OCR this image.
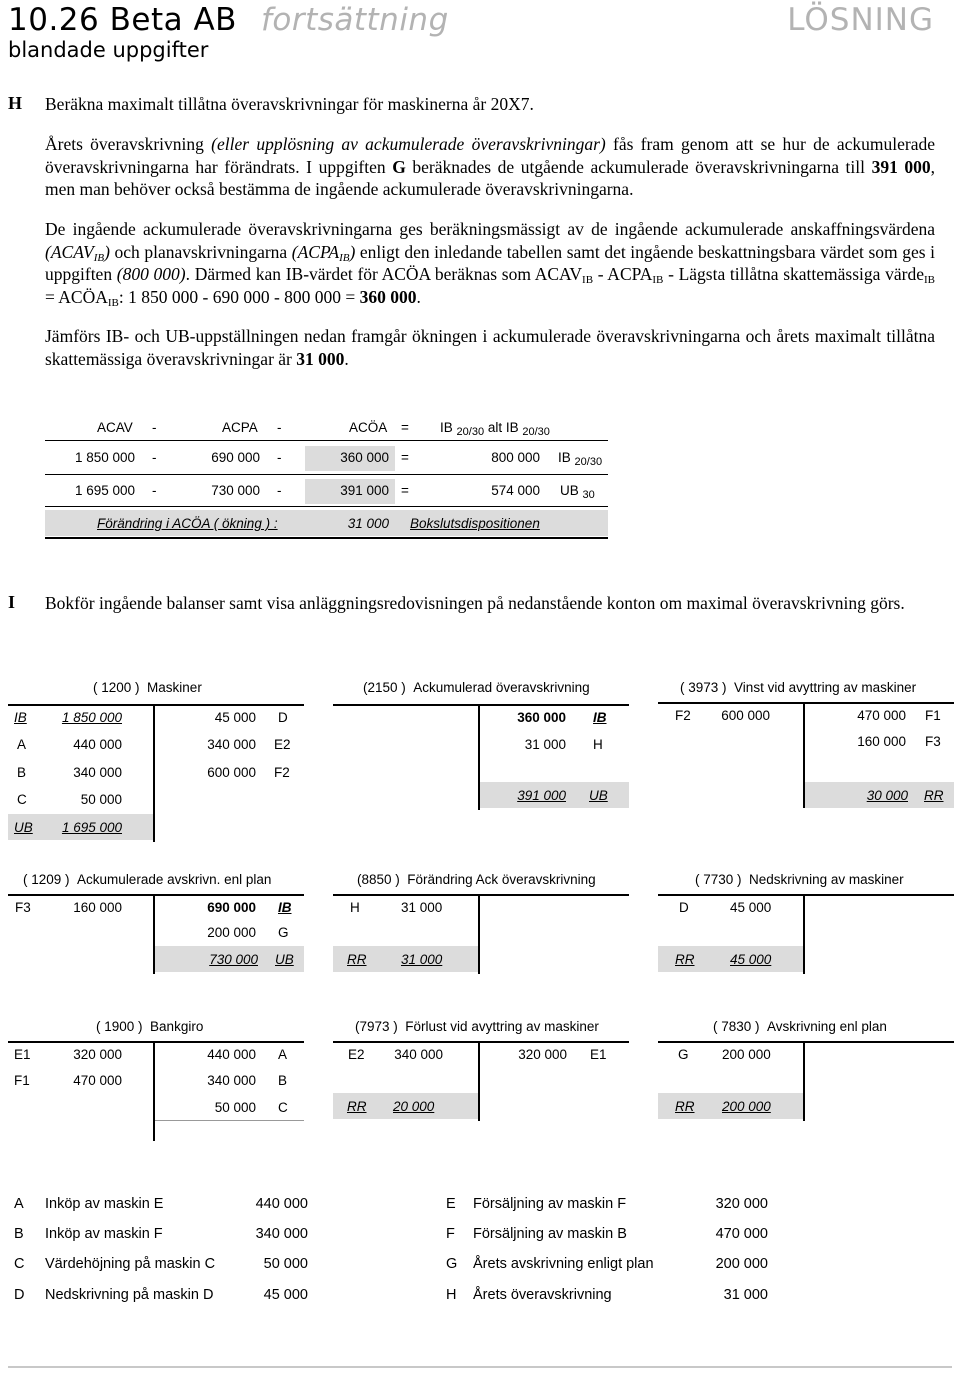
10.26 Beta AB fortsättning
blandade uppgifter
LÖSNING
H Beräkna maximalt tillåtna överavskrivningar för maskinerna år 20X7.
Årets överavskrivning (eller upplösning av ackumulerade överavskrivningar) fås fram genom att se hur de ackumulerade överavskrivningarna har förändrats. I uppgiften G beräknades de utgående ackumulerade överavskrivningarna till 391 000, men man behöver också bestämma de ingående ackumulerade överavskrivningarna.
De ingående ackumulerade överavskrivningarna ges beräkningsmässigt av de ingående ackumulerade anskaffningsvärdena $(ACAV_{IB})$ och planavskrivningarna $(ACPA_{IB})$ enligt den inledande tabellen samt det ingående beskattningsbara värdet som ges i uppgiften (800 000). Därmed kan IB-värdet för ACÖA beräknas som $ACAV_{IB}$ - $ACPA_{IB}$ - Lägsta tillåtna skattemässiga värde$_{IB}$ = $ACÖA_{IB}$: 1 850 000 - 690 000 - 800 000 = 360 000.
Jämförs IB- och UB-uppställningen nedan framgår ökningen i ackumulerade överavskrivningarna och årets maximalt tillåtna skattemässiga överavskrivningar är 31 000.
ACAV -	ACPA -	ACÖA = IB $_{20/30}$ alt IB $_{20/30}$
1 850 000 -	690 000 -	360 000 =	800 000 IB $_{20/30}$
1 695 000 -	730 000 -	391 000 =	574 000 UB $_{30}$
Förändring i ACÖA ( ökning ) :	31 000 Bokslutsdispositionen
I Bokför ingående balanser samt visa anläggningsredovisningen på nedanstående konton om maximal överavskrivning görs.
( 1200 ) Maskiner
IB	1 850 000
A	440 000
B	340 000
C	50 000
UB	1 695 000
45 000 D
340 000 E2
600 000 F2
(2150 ) Ackumulerad överavskrivning
360 000 IB
31 000 H
391 000 UB
( 3973 ) Vinst vid avyttring av maskiner
F2	600 000	470 000 F1
160 000 F3
30 000 RR
( 1209 ) Ackumulerade avskrivn. enl plan
F3	160 000	690 000 IB
200 000 G
730 000 UB
(8850 ) Förändring Ack överavskrivning
H	31 000
RR	31 000
( 7730 ) Nedskrivning av maskiner
D	45 000
RR	45 000
( 1900 ) Bankgiro
E1	320 000
F1	470 000
440 000 A
340 000 B
50 000 C
(7973 ) Förlust vid avyttring av maskiner
E2	340 000	320 000 E1
RR 20 000
( 7830 ) Avskrivning enl plan
G 200 000
RR 200 000
A Inköp av maskin E	440 000
B Inköp av maskin F	340 000
C Värdehöjning på maskin C	50 000
D Nedskrivning på maskin D	45 000
E Försäljning av maskin F	320 000
F Försäljning av maskin B	470 000
G Årets avskrivning enligt plan	200 000
H Årets överavskrivning	31 000
